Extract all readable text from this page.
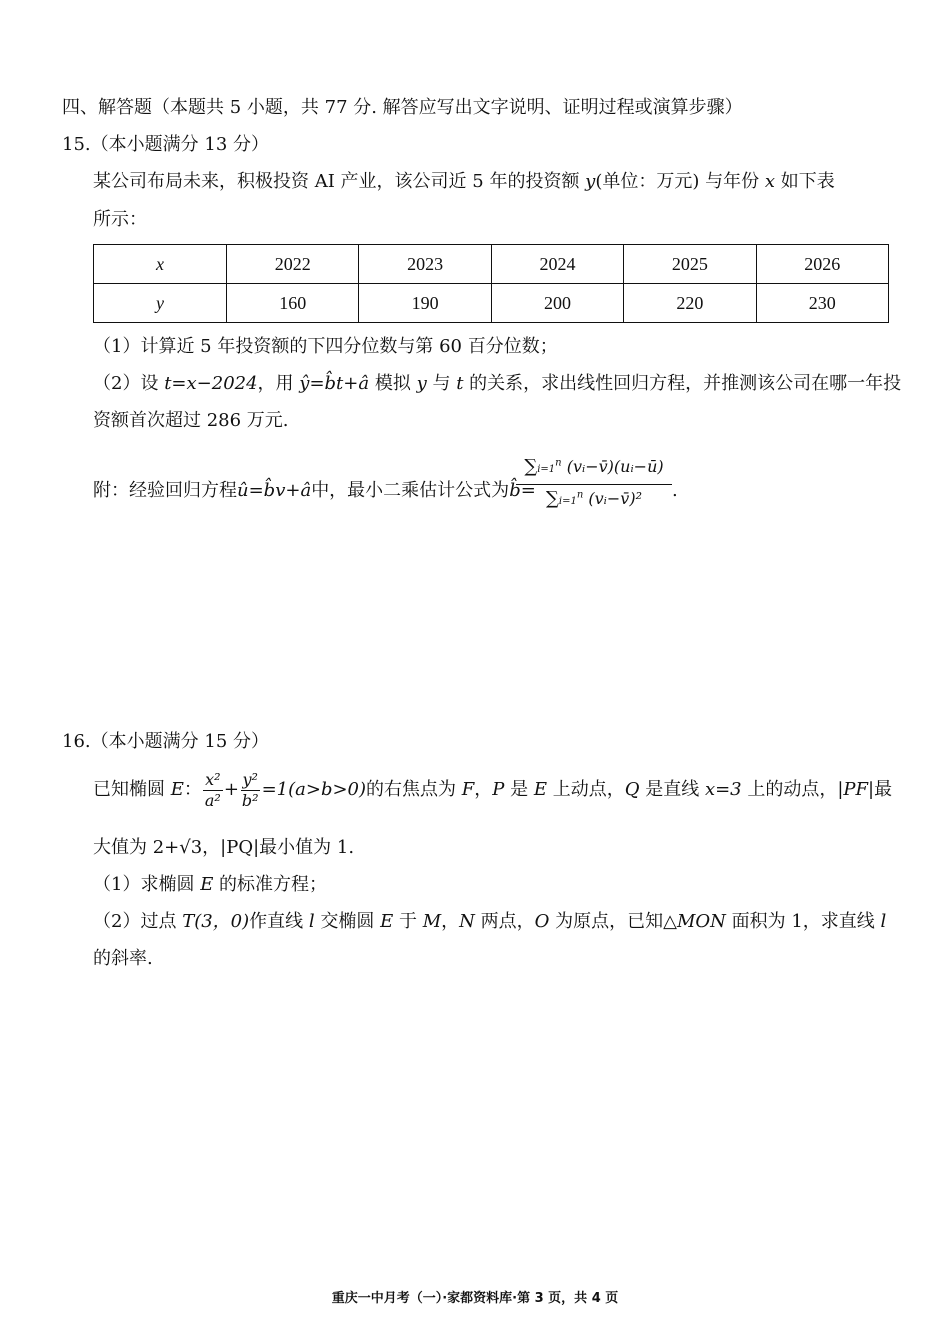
四、解答题（本题共 5 小题，共 77 分. 解答应写出文字说明、证明过程或演算步骤）
15.（本小题满分 13 分）
某公司布局未来，积极投资 AI 产业，该公司近 5 年的投资额 y(单位：万元) 与年份 x 如下表
所示：
x	2022	2023	2024	2025	2026
y	160	190	200	220	230
（1）计算近 5 年投资额的下四分位数与第 60 百分位数；
（2）设 t=x−2024，用 ŷ=b̂t+â 模拟 y 与 t 的关系，求出线性回归方程，并推测该公司在哪一年投
资额首次超过 286 万元.
附：经验回归方程û=b̂v+â中，最小二乘估计公式为b̂=
$\sum i=1^n$ (vᵢ−v̄)(uᵢ−ū)
$\sum i=1^n$ (vᵢ−v̄)²	.
16.（本小题满分 15 分）
已知椭圆 E： $\frac{\text{x²}}{\text{a²}} + \frac{\text{y²}}{\text{b²}} =1(a>b>0)$的右焦点为 F，P 是 E 上动点，Q 是直线 x=3 上的动点，|PF|最
大值为 2+√3，|PQ|最小值为 1.
（1）求椭圆 E 的标准方程；
（2）过点 T(3，0)作直线 l 交椭圆 E 于 M，N 两点，O 为原点，已知△MON 面积为 1，求直线 l
的斜率.
重庆一中月考（一）·家都资料库·第 3 页，共 4 页
